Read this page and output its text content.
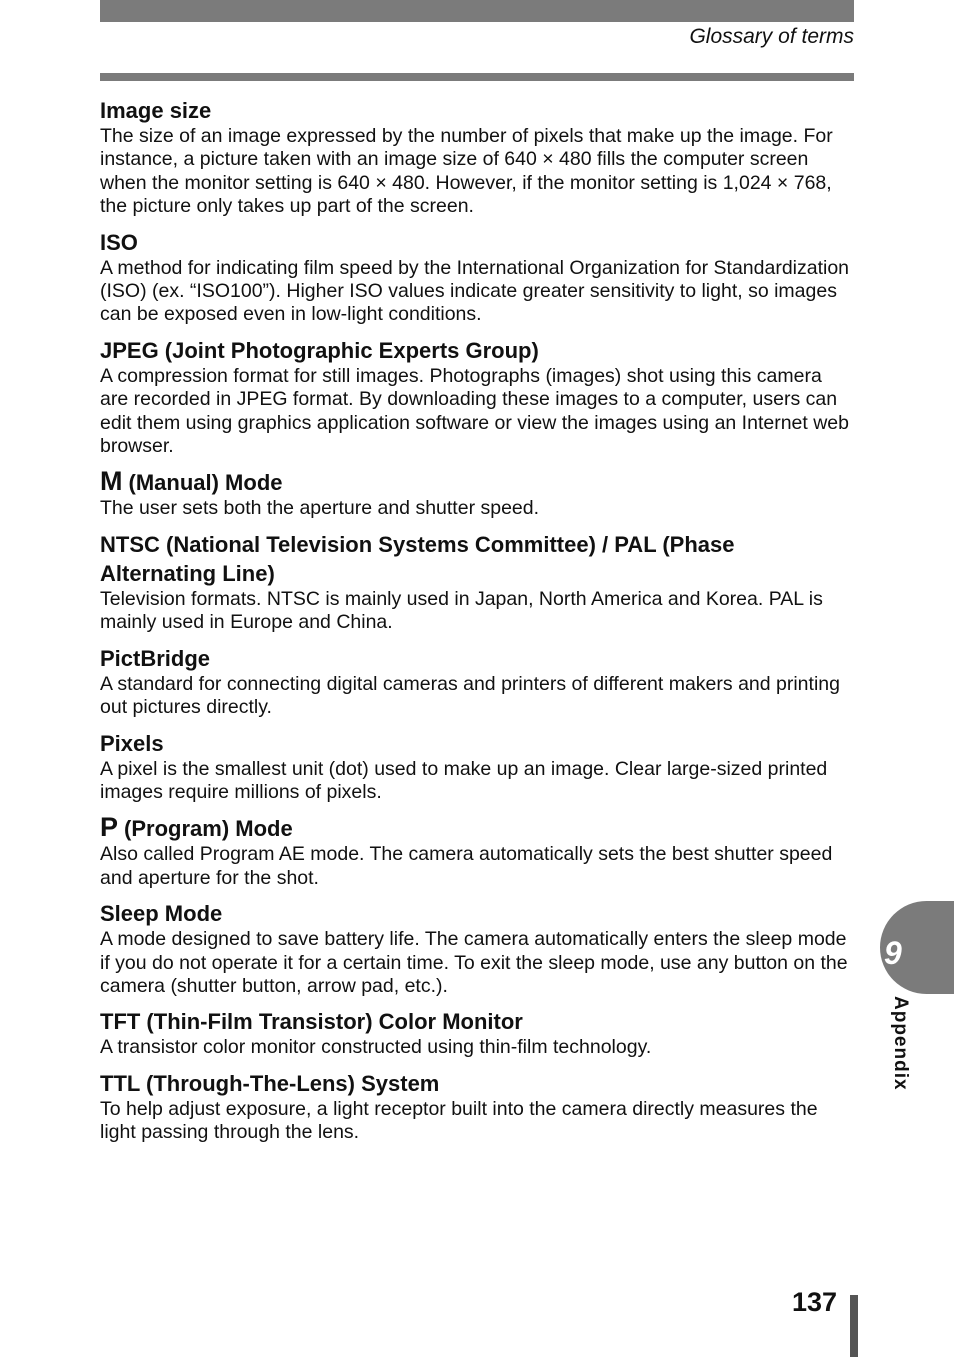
Glossary of terms

Image size

The size of an image expressed by the number of pixels that make up the image. For instance, a picture taken with an image size of 640 × 480 fills the computer screen when the monitor setting is 640 × 480. However, if the monitor setting is 1,024 × 768, the picture only takes up part of the screen.

ISO

A method for indicating film speed by the International Organization for Standardization (ISO) (ex. “ISO100”). Higher ISO values indicate greater sensitivity to light, so images can be exposed even in low-light conditions.

JPEG (Joint Photographic Experts Group)

A compression format for still images. Photographs (images) shot using this camera are recorded in JPEG format. By downloading these images to a computer, users can edit them using graphics application software or view the images using an Internet web browser.

M (Manual) Mode

The user sets both the aperture and shutter speed.

NTSC (National Television Systems Committee) / PAL (Phase Alternating Line)

Television formats. NTSC is mainly used in Japan, North America and Korea. PAL is mainly used in Europe and China.

PictBridge

A standard for connecting digital cameras and printers of different makers and printing out pictures directly.

Pixels

A pixel is the smallest unit (dot) used to make up an image. Clear large-sized printed images require millions of pixels.

P (Program) Mode

Also called Program AE mode. The camera automatically sets the best shutter speed and aperture for the shot.

Sleep Mode

A mode designed to save battery life. The camera automatically enters the sleep mode if you do not operate it for a certain time. To exit the sleep mode, use any button on the camera (shutter button, arrow pad, etc.).

TFT (Thin-Film Transistor) Color Monitor

A transistor color monitor constructed using thin-film technology.

TTL (Through-The-Lens) System

To help adjust exposure, a light receptor built into the camera directly measures the light passing through the lens.

9
Appendix
137
